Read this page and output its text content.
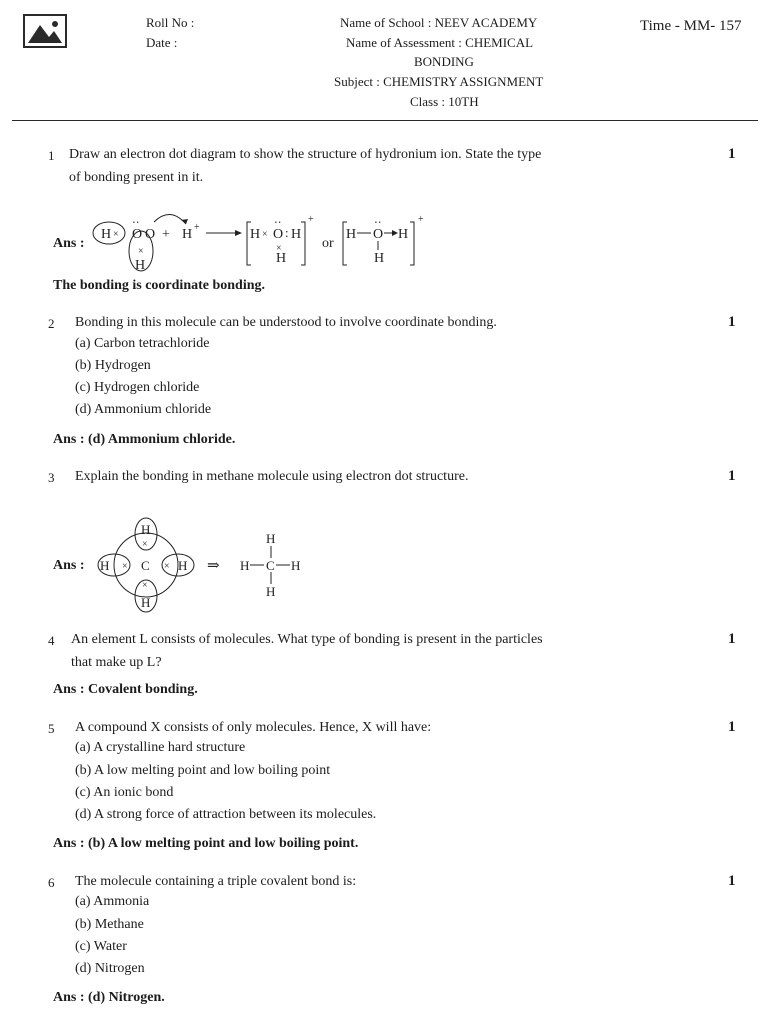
Roll No :
Date :
Name of School : NEEV ACADEMY
Name of Assessment : CHEMICAL
BONDING
Subject : CHEMISTRY ASSIGNMENT
Class : 10TH
Time - MM- 157
1 Draw an electron dot diagram to show the structure of hydronium ion. State the type
of bonding present in it.
1
Ans :
H × O
⋅⋅
O
×
H
+ H +	H × O
⋅⋅
: H
×
H
+
or
H O
⋅⋅
H
H
+
The bonding is coordinate bonding.
2 Bonding in this molecule can be understood to involve coordinate bonding.	1
(a) Carbon tetrachloride
(b) Hydrogen
(c) Hydrogen chloride
(d) Ammonium chloride
Ans : (d) Ammonium chloride.
3 Explain the bonding in methane molecule using electron dot structure.	1
Ans :
H
×
H
×
H ×	H
×
C	⇒
H
H C H
H
4 An element L consists of molecules. What type of bonding is present in the particles
that make up L?
1
Ans : Covalent bonding.
5 A compound X consists of only molecules. Hence, X will have:	1
(a) A crystalline hard structure
(b) A low melting point and low boiling point
(c) An ionic bond
(d) A strong force of attraction between its molecules.
Ans : (b) A low melting point and low boiling point.
6 The molecule containing a triple covalent bond is:	1
(a) Ammonia
(b) Methane
(c) Water
(d) Nitrogen
Ans : (d) Nitrogen.
